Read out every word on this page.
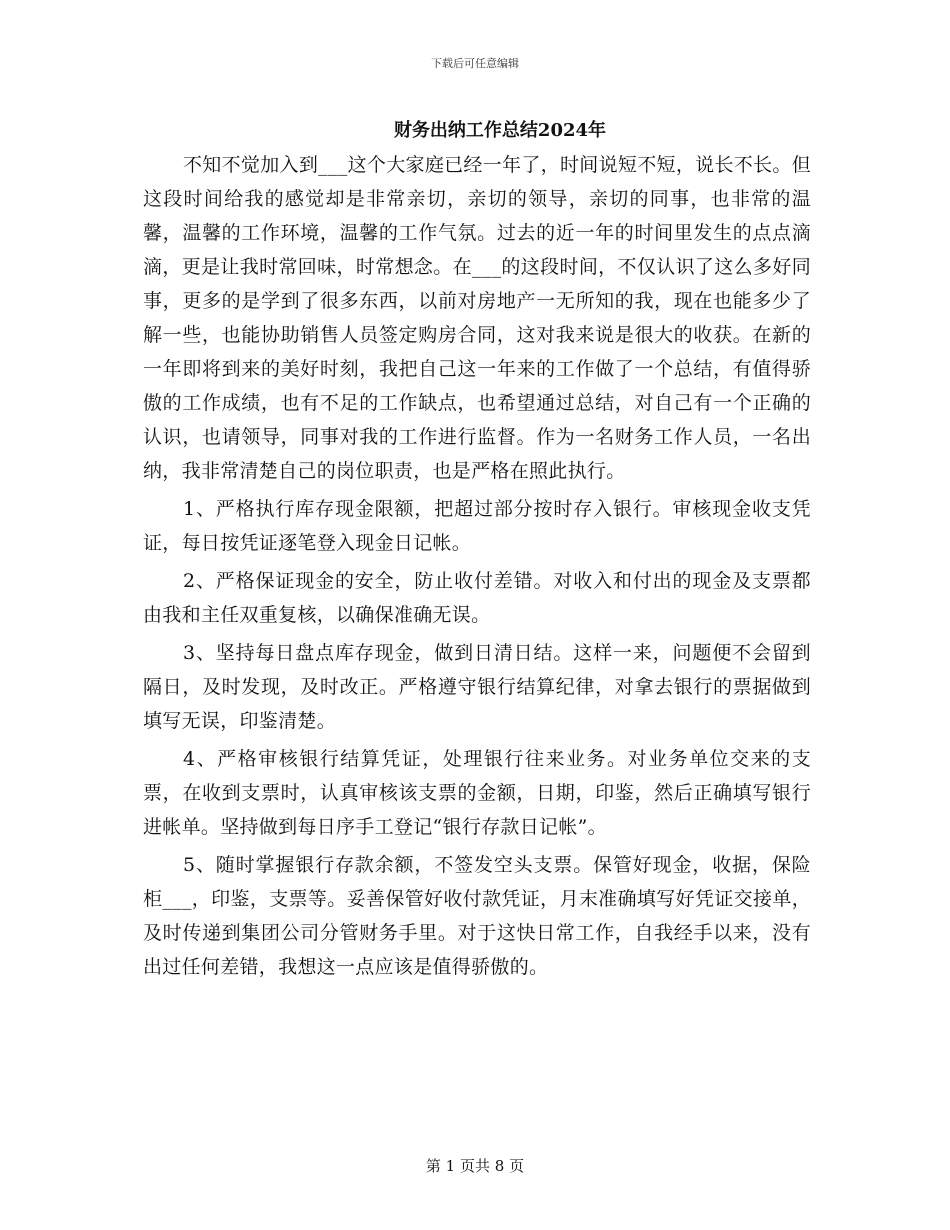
下载后可任意编辑
财务出纳工作总结2024年

不知不觉加入到___这个大家庭已经一年了，时间说短不短，说长不长。但这段时间给我的感觉却是非常亲切，亲切的领导，亲切的同事，也非常的温馨，温馨的工作环境，温馨的工作气氛。过去的近一年的时间里发生的点点滴滴，更是让我时常回味，时常想念。在___的这段时间，不仅认识了这么多好同事，更多的是学到了很多东西，以前对房地产一无所知的我，现在也能多少了解一些，也能协助销售人员签定购房合同，这对我来说是很大的收获。在新的一年即将到来的美好时刻，我把自己这一年来的工作做了一个总结，有值得骄傲的工作成绩，也有不足的工作缺点，也希望通过总结，对自己有一个正确的认识，也请领导，同事对我的工作进行监督。作为一名财务工作人员，一名出纳，我非常清楚自己的岗位职责，也是严格在照此执行。

1、严格执行库存现金限额，把超过部分按时存入银行。审核现金收支凭证，每日按凭证逐笔登入现金日记帐。

2、严格保证现金的安全，防止收付差错。对收入和付出的现金及支票都由我和主任双重复核，以确保准确无误。

3、坚持每日盘点库存现金，做到日清日结。这样一来，问题便不会留到隔日，及时发现，及时改正。严格遵守银行结算纪律，对拿去银行的票据做到填写无误，印鉴清楚。

4、严格审核银行结算凭证，处理银行往来业务。对业务单位交来的支票，在收到支票时，认真审核该支票的金额，日期，印鉴，然后正确填写银行进帐单。坚持做到每日序手工登记“银行存款日记帐”。

5、随时掌握银行存款余额，不签发空头支票。保管好现金，收据，保险柜___，印鉴，支票等。妥善保管好收付款凭证，月末准确填写好凭证交接单，及时传递到集团公司分管财务手里。对于这快日常工作，自我经手以来，没有出过任何差错，我想这一点应该是值得骄傲的。

第 1 页共 8 页
